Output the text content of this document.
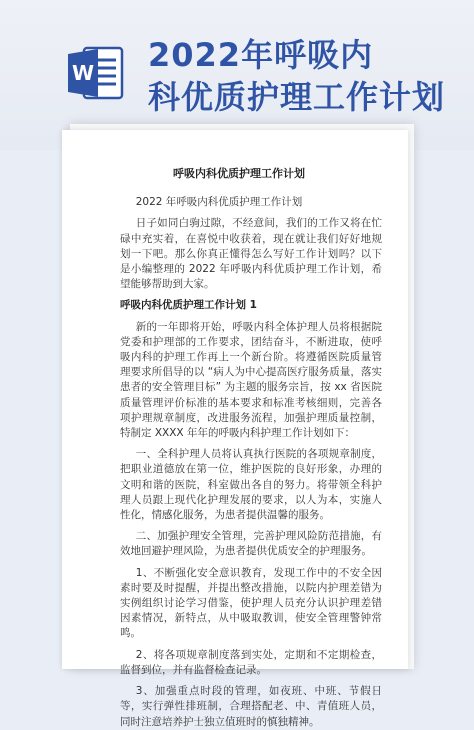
W 2022年呼吸内
科优质护理工作计划
呼吸内科优质护理工作计划
2022 年呼吸内科优质护理工作计划
日子如同白驹过隙，不经意间，我们的工作又将在忙碌中充实着，在喜悦中收获着，现在就让我们好好地规划一下吧。那么你真正懂得怎么写好工作计划吗？以下是小编整理的 2022 年呼吸内科优质护理工作计划，希望能够帮助到大家。
呼吸内科优质护理工作计划 1
新的一年即将开始，呼吸内科全体护理人员将根据院党委和护理部的工作要求，团结奋斗，不断进取，使呼吸内科的护理工作再上一个新台阶。将遵循医院质量管理要求所倡导的以 “病人为中心提高医疗服务质量，落实患者的安全管理目标” 为主题的服务宗旨，按 xx 省医院质量管理评价标准的基本要求和标准考核细则，完善各项护理规章制度，改进服务流程，加强护理质量控制，特制定 XXXX 年年的呼吸内科护理工作计划如下：
一、全科护理人员将认真执行医院的各项规章制度，把职业道德放在第一位，维护医院的良好形象，办理的文明和谐的医院，科室做出各自的努力。将带领全科护理人员跟上现代化护理发展的要求，以人为本，实施人性化，情感化服务，为患者提供温馨的服务。
二、加强护理安全管理，完善护理风险防范措施，有效地回避护理风险，为患者提供优质安全的护理服务。
1、不断强化安全意识教育，发现工作中的不安全因素时要及时提醒，并提出整改措施，以院内护理差错为实例组织讨论学习借鉴，使护理人员充分认识护理差错因素情况，新特点，从中吸取教训，使安全管理警钟常鸣。
2、将各项规章制度落到实处，定期和不定期检查，监督到位，并有监督检查记录。
3、加强重点时段的管理，如夜班、中班、节假日等，实行弹性排班制，合理搭配老、中、青值班人员，同时注意培养护士独立值班时的慎独精神。
